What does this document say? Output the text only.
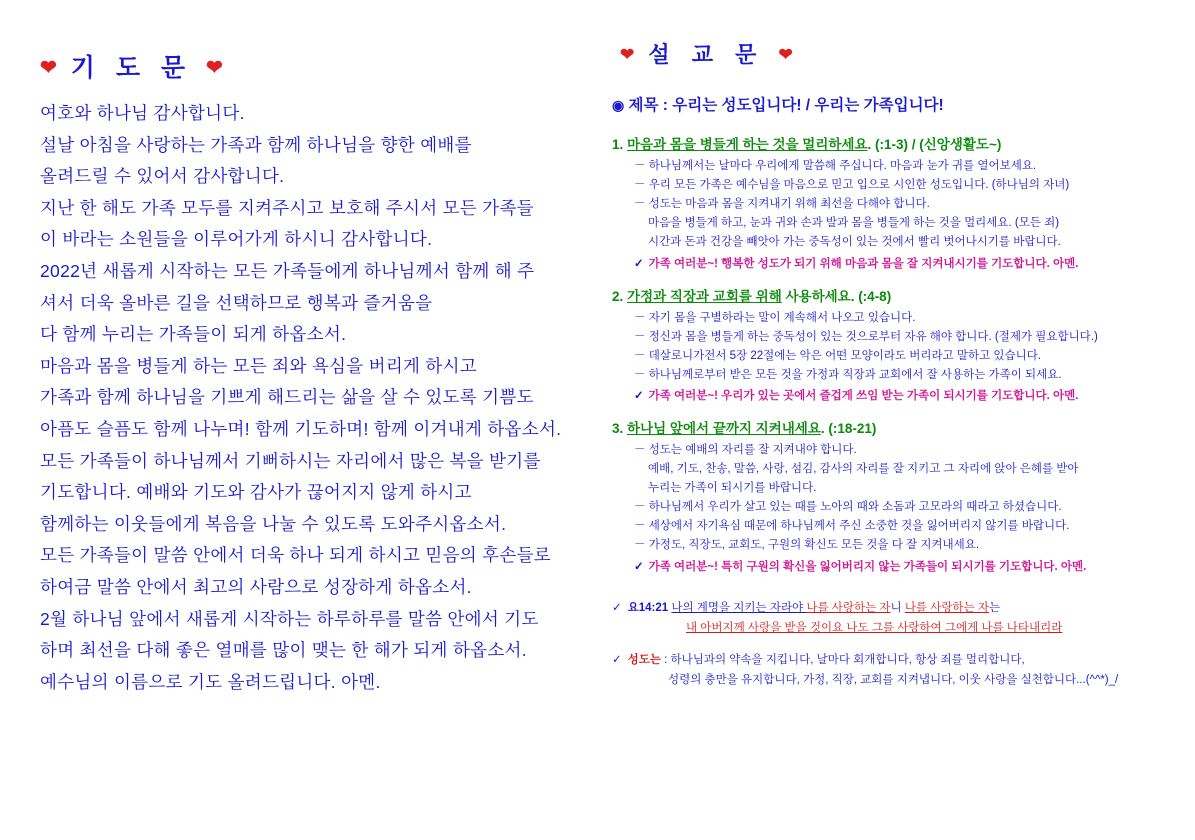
❤ 기 도 문 ❤

여호와 하나님 감사합니다.

설날 아침을 사랑하는 가족과 함께 하나님을 향한 예배를

올려드릴 수 있어서 감사합니다.

지난 한 해도 가족 모두를 지켜주시고 보호해 주시서 모든 가족들

이 바라는 소원들을 이루어가게 하시니 감사합니다.

2022년 새롭게 시작하는 모든 가족들에게 하나님께서 함께 해 주

셔서 더욱 올바른 길을 선택하므로 행복과 즐거움을

다 함께 누리는 가족들이 되게 하옵소서.

마음과 몸을 병들게 하는 모든 죄와 욕심을 버리게 하시고

가족과 함께 하나님을 기쁘게 해드리는 삶을 살 수 있도록 기쁨도

아픔도 슬픔도 함께 나누며! 함께 기도하며! 함께 이겨내게 하옵소서.

모든 가족들이 하나님께서 기뻐하시는 자리에서 많은 복을 받기를

기도합니다. 예배와 기도와 감사가 끊어지지 않게 하시고

함께하는 이웃들에게 복음을 나눌 수 있도록 도와주시옵소서.

모든 가족들이 말씀 안에서 더욱 하나 되게 하시고 믿음의 후손들로

하여금 말씀 안에서 최고의 사람으로 성장하게 하옵소서.

2월 하나님 앞에서 새롭게 시작하는 하루하루를 말씀 안에서 기도

하며 최선을 다해 좋은 열매를 많이 맺는 한 해가 되게 하옵소서.

예수님의 이름으로 기도 올려드립니다. 아멘.

❤ 설 교 문 ❤
◉ 제목 : 우리는 성도입니다! / 우리는 가족입니다!
1. 마음과 몸을 병들게 하는 것을 멀리하세요. (:1-3) / (신앙생활도~)

－ 하나님께서는 날마다 우리에게 말씀해 주십니다. 마음과 눈가 귀를 열어보세요.

－ 우리 모든 가족은 예수님을 마음으로 믿고 입으로 시인한 성도입니다. (하나님의 자녀)

－ 성도는 마음과 몸을 지켜내기 위해 최선을 다해야 합니다.

마음을 병들게 하고, 눈과 귀와 손과 발과 몸을 병들게 하는 것을 멀리세요. (모든 죄)

시간과 돈과 건강을 빼앗아 가는 중독성이 있는 것에서 빨리 벗어나시기를 바랍니다.

✓ 가족 여러분~! 행복한 성도가 되기 위해 마음과 몸을 잘 지켜내시기를 기도합니다. 아멘.

2. 가정과 직장과 교회를 위해 사용하세요. (:4-8)

－ 자기 몸을 구별하라는 말이 계속해서 나오고 있습니다.

－ 정신과 몸을 병들게 하는 중독성이 있는 것으로부터 자유 해야 합니다. (절제가 필요합니다.)

－ 데살로니가전서 5장 22절에는 악은 어떤 모양이라도 버리라고 말하고 있습니다.

－ 하나님께로부터 받은 모든 것을 가정과 직장과 교회에서 잘 사용하는 가족이 되세요.

✓ 가족 여러분~! 우리가 있는 곳에서 즐겁게 쓰임 받는 가족이 되시기를 기도합니다. 아멘.

3. 하나님 앞에서 끝까지 지켜내세요. (:18-21)

－ 성도는 예배의 자리를 잘 지켜내야 합니다.

예배, 기도, 찬송, 말씀, 사랑, 섬김, 감사의 자리를 잘 지키고 그 자리에 앉아 은혜를 받아

누리는 가족이 되시기를 바랍니다.

－ 하나님께서 우리가 살고 있는 때를 노아의 때와 소돔과 고모라의 때라고 하셨습니다.

－ 세상에서 자기욕심 때문에 하나님께서 주신 소중한 것을 잃어버리지 않기를 바랍니다.

－ 가정도, 직장도, 교회도, 구원의 확신도 모든 것을 다 잘 지켜내세요.

✓ 가족 여러분~! 특히 구원의 확신을 잃어버리지 않는 가족들이 되시기를 기도합니다. 아멘.

✓ 요14:21 나의 계명을 지키는 자라야 나를 사랑하는 자니 나를 사랑하는 자는

내 아버지께 사랑을 받을 것이요 나도 그를 사랑하여 그에게 나를 나타내리라

✓ 성도는 : 하나님과의 약속을 지킵니다, 날마다 회개합니다, 항상 죄를 멀리합니다,

성령의 충만을 유지합니다, 가정, 직장, 교회를 지켜냅니다, 이웃 사랑을 실천합니다...(^^*)_/
